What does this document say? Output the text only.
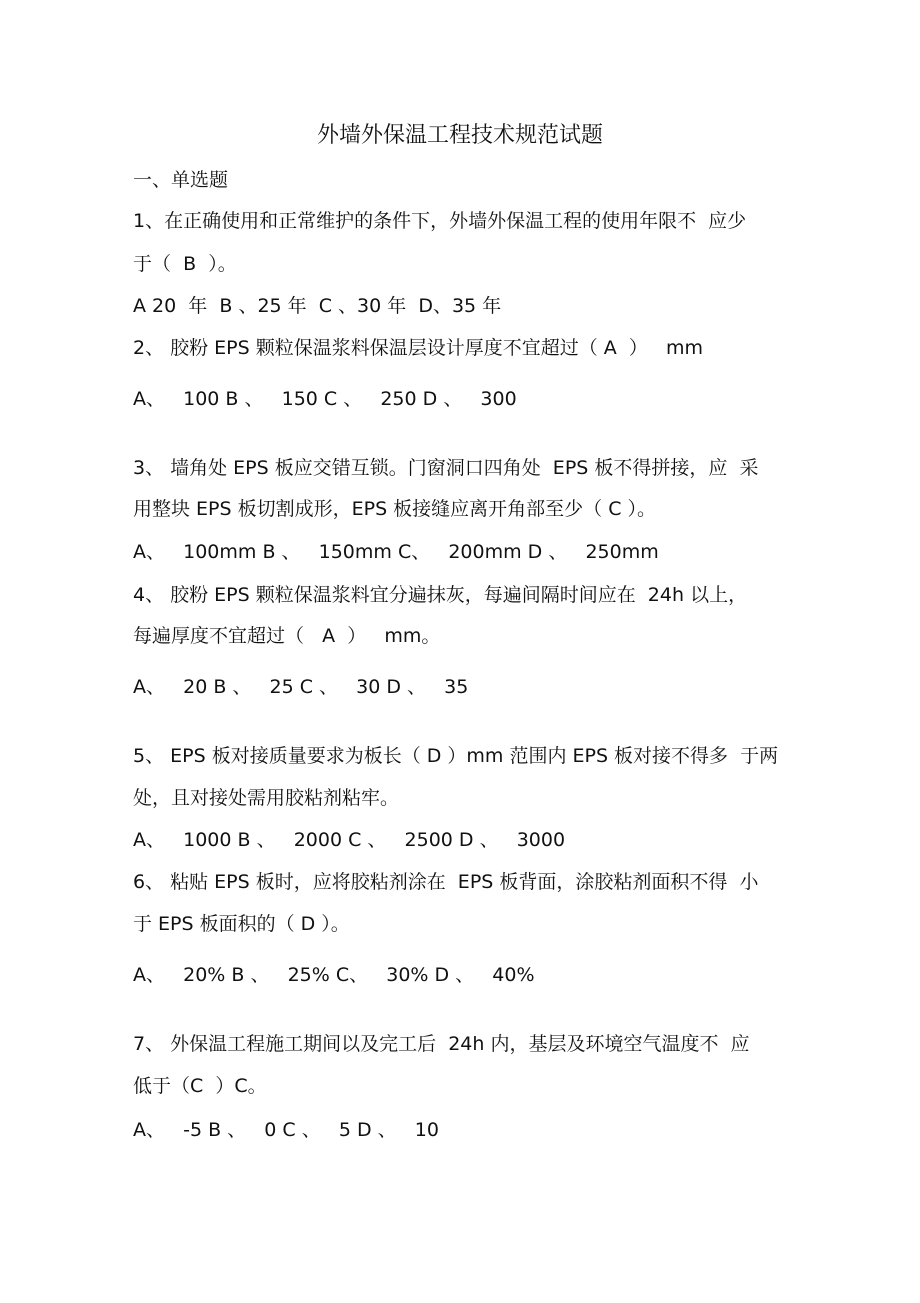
外墙外保温工程技术规范试题
一、单选题
1、在正确使用和正常维护的条件下，外墙外保温工程的使用年限不  应少
于（  B  ）。
A 20  年  B 、25 年  C 、30 年  D、35 年
2、 胶粉 EPS 颗粒保温浆料保温层设计厚度不宜超过（ A  ）   mm
A、   100 B 、   150 C 、   250 D 、   300
3、 墙角处 EPS 板应交错互锁。门窗洞口四角处  EPS 板不得拼接，应  采
用整块 EPS 板切割成形，EPS 板接缝应离开角部至少（ C ）。
A、   100mm B 、   150mm C、   200mm D 、   250mm
4、 胶粉 EPS 颗粒保温浆料宜分遍抹灰，每遍间隔时间应在  24h 以上，
每遍厚度不宜超过（   A  ）   mm。
A、   20 B 、   25 C 、   30 D 、   35
5、 EPS 板对接质量要求为板长（ D ）mm 范围内 EPS 板对接不得多  于两
处，且对接处需用胶粘剂粘牢。
A、   1000 B 、   2000 C 、   2500 D 、   3000
6、 粘贴 EPS 板时，应将胶粘剂涂在  EPS 板背面，涂胶粘剂面积不得  小
于 EPS 板面积的（ D ）。
A、   20% B 、   25% C、   30% D 、   40%
7、 外保温工程施工期间以及完工后  24h 内，基层及环境空气温度不  应
低于（C  ）C。
A、   -5 B 、   0 C 、   5 D 、   10
